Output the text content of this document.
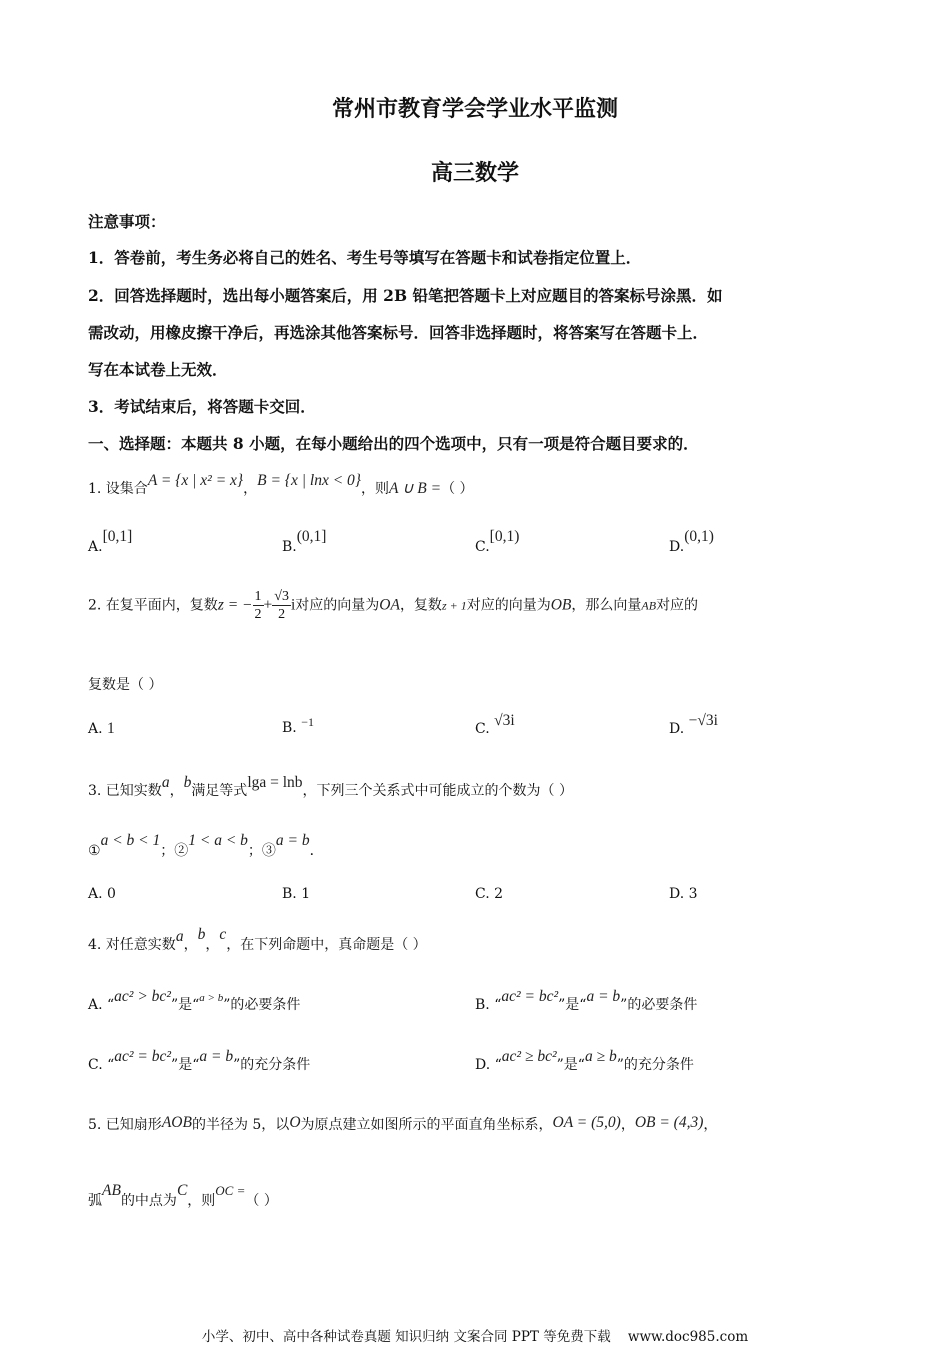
常州市教育学会学业水平监测
高三数学
注意事项：
1．答卷前，考生务必将自己的姓名、考生号等填写在答题卡和试卷指定位置上．
2．回答选择题时，选出每小题答案后，用 2B 铅笔把答题卡上对应题目的答案标号涂黑．如
需改动，用橡皮擦干净后，再选涂其他答案标号．回答非选择题时，将答案写在答题卡上．
写在本试卷上无效．
3．考试结束后，将答题卡交回．
一、选择题：本题共 8 小题，在每小题给出的四个选项中，只有一项是符合题目要求的．
1. 设集合A = {x | x² = x}，B = {x | lnx < 0}，则A ∪ B =（ ）
A.[0,1]
B.(0,1]
C.[0,1)
D.(0,1)
2. 在复平面内，复数z = − $\frac{1}{2} + \frac{√3}{2}$ i对应的向量为OA，复数z + 1对应的向量为OB，那么向量AB对应的
复数是（ ）
A. 1	B. −1	C. √3i	D. −√3i
3. 已知实数a，b满足等式lga = lnb，下列三个关系式中可能成立的个数为（ ）
①a < b < 1；②1 < a < b；③a = b．
A. 0	B. 1	C. 2	D. 3
4. 对任意实数a，b，c，在下列命题中，真命题是（ ）
A. “ac² > bc²”是“$^{a > b}$”的必要条件	B. “ac² = bc²”是“a = b”的必要条件
C. “ac² = bc²”是“a = b”的充分条件	D. “ac² ≥ bc²”是“a ≥ b”的充分条件
5. 已知扇形AOB的半径为 5，以O为原点建立如图所示的平面直角坐标系，OA = (5,0)，OB = (4,3)，
弧AB的中点为C，则OC =（ ）
小学、初中、高中各种试卷真题 知识归纳 文案合同 PPT 等免费下载 www.doc985.com
